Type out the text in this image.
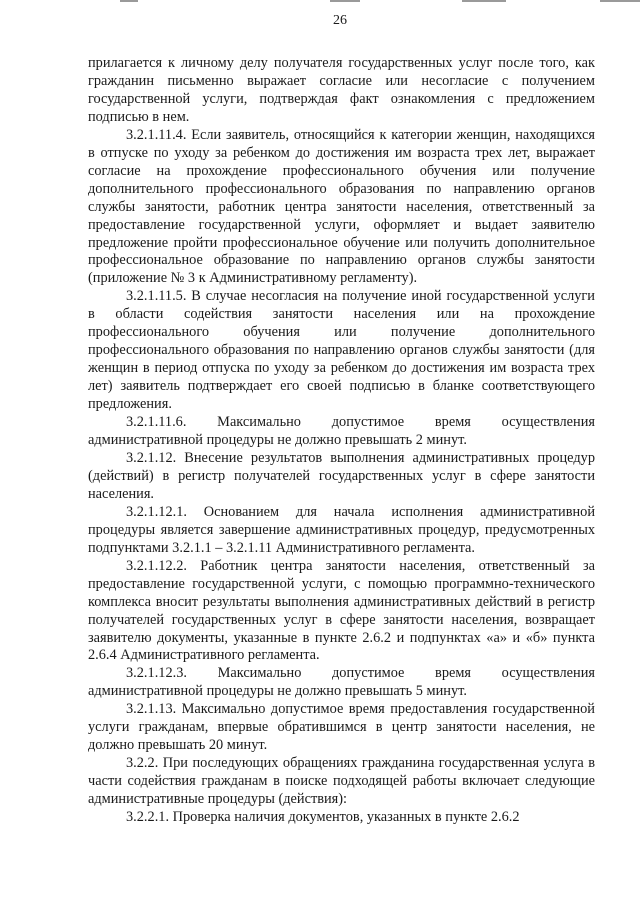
26

прилагается к личному делу получателя государственных услуг после того, как гражданин письменно выражает согласие или несогласие с получением государственной услуги, подтверждая факт ознакомления с предложением подписью в нем.

3.2.1.11.4. Если заявитель, относящийся к категории женщин, находящихся в отпуске по уходу за ребенком до достижения им возраста трех лет, выражает согласие на прохождение профессионального обучения или получение дополнительного профессионального образования по направлению органов службы занятости, работник центра занятости населения, ответственный за предоставление государственной услуги, оформляет и выдает заявителю предложение пройти профессиональное обучение или получить дополнительное профессиональное образование по направлению органов службы занятости (приложение № 3 к Административному регламенту).

3.2.1.11.5. В случае несогласия на получение иной государственной услуги в области содействия занятости населения или на прохождение профессионального обучения или получение дополнительного профессионального образования по направлению органов службы занятости (для женщин в период отпуска по уходу за ребенком до достижения им возраста трех лет) заявитель подтверждает его своей подписью в бланке соответствующего предложения.

3.2.1.11.6. Максимально допустимое время осуществления административной процедуры не должно превышать 2 минут.

3.2.1.12. Внесение результатов выполнения административных процедур (действий) в регистр получателей государственных услуг в сфере занятости населения.

3.2.1.12.1. Основанием для начала исполнения административной процедуры является завершение административных процедур, предусмотренных подпунктами 3.2.1.1 – 3.2.1.11 Административного регламента.

3.2.1.12.2. Работник центра занятости населения, ответственный за предоставление государственной услуги, с помощью программно-технического комплекса вносит результаты выполнения административных действий в регистр получателей государственных услуг в сфере занятости населения, возвращает заявителю документы, указанные в пункте 2.6.2 и подпунктах «а» и «б» пункта 2.6.4 Административного регламента.

3.2.1.12.3. Максимально допустимое время осуществления административной процедуры не должно превышать 5 минут.

3.2.1.13. Максимально допустимое время предоставления государственной услуги гражданам, впервые обратившимся в центр занятости населения, не должно превышать 20 минут.

3.2.2. При последующих обращениях гражданина государственная услуга в части содействия гражданам в поиске подходящей работы включает следующие административные процедуры (действия):

3.2.2.1. Проверка наличия документов, указанных в пункте 2.6.2
